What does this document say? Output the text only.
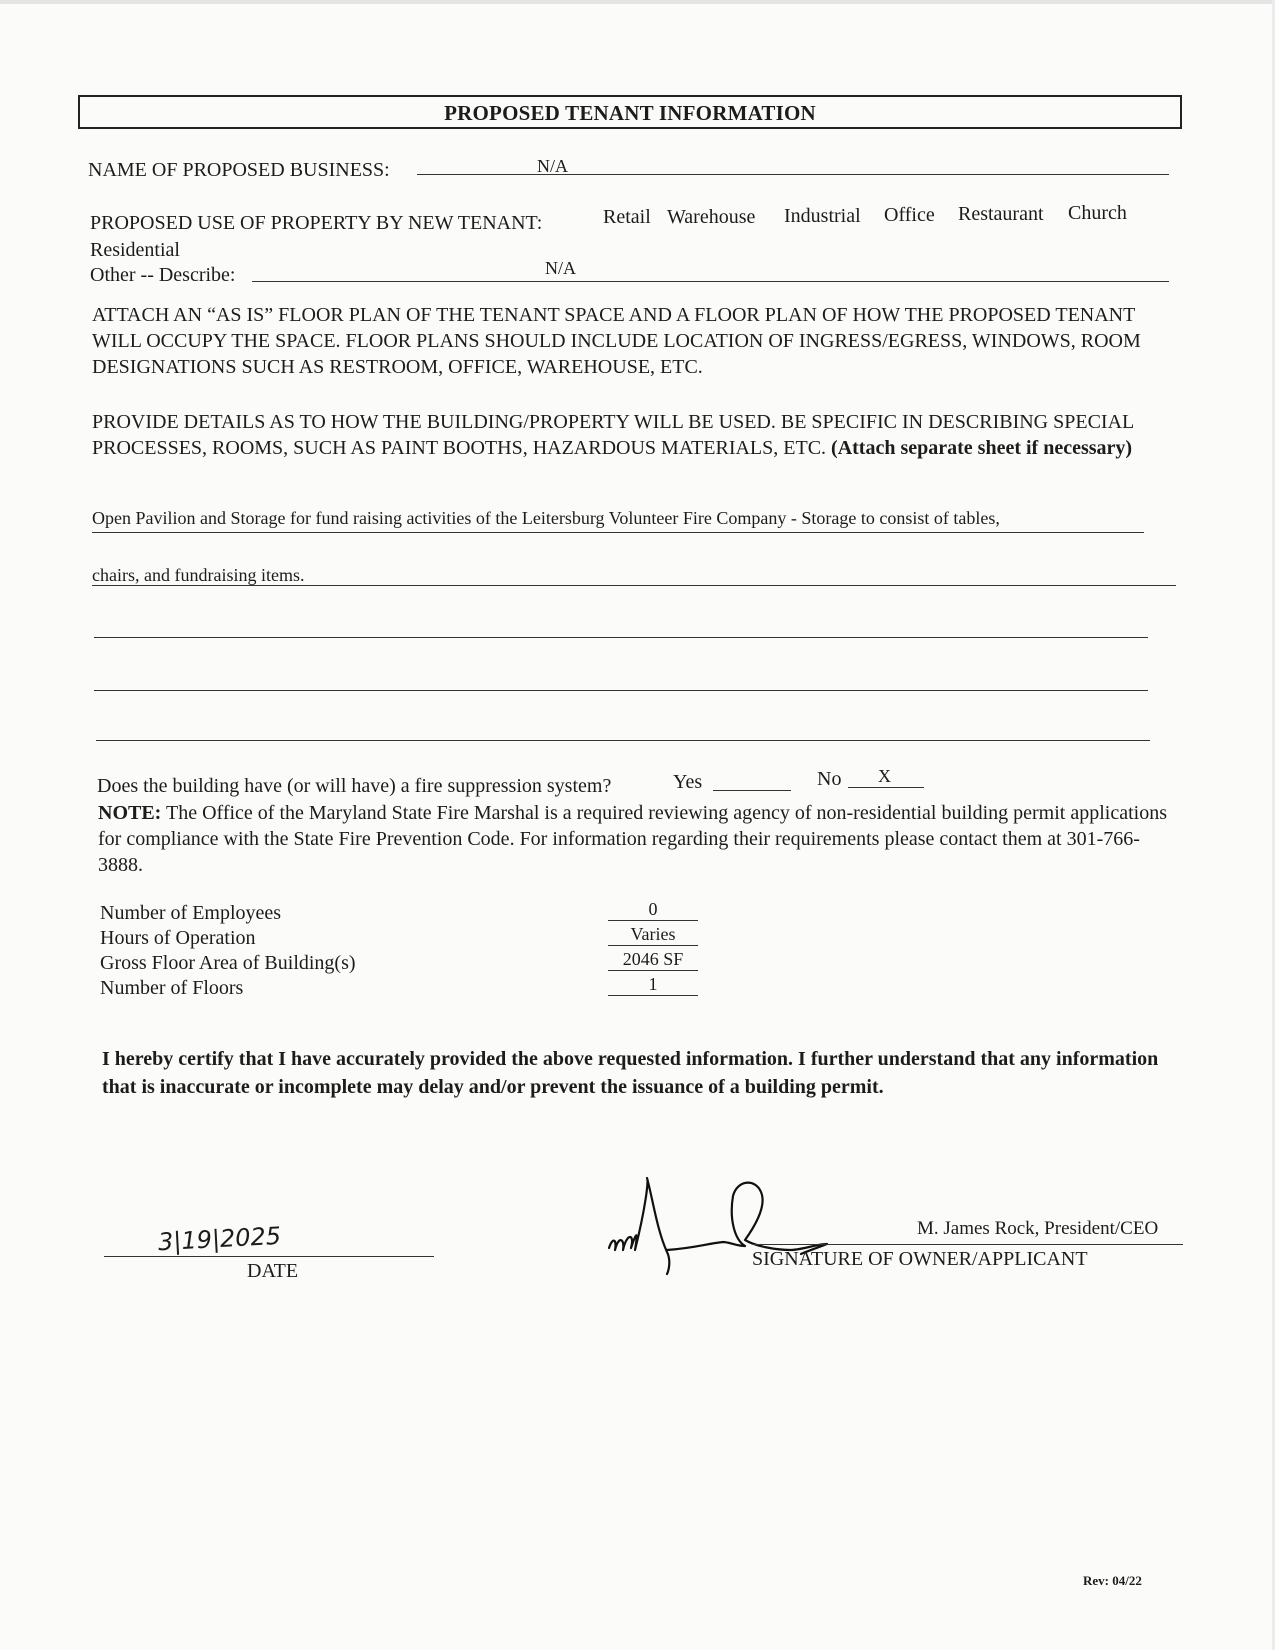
PROPOSED TENANT INFORMATION
NAME OF PROPOSED BUSINESS:	N/A
PROPOSED USE OF PROPERTY BY NEW TENANT:	Retail Warehouse Industrial Office Restaurant Church
Residential
Other -- Describe:	N/A
ATTACH AN “AS IS” FLOOR PLAN OF THE TENANT SPACE AND A FLOOR PLAN OF HOW THE PROPOSED TENANT WILL OCCUPY THE SPACE. FLOOR PLANS SHOULD INCLUDE LOCATION OF INGRESS/EGRESS, WINDOWS, ROOM DESIGNATIONS SUCH AS RESTROOM, OFFICE, WAREHOUSE, ETC.
PROVIDE DETAILS AS TO HOW THE BUILDING/PROPERTY WILL BE USED. BE SPECIFIC IN DESCRIBING SPECIAL PROCESSES, ROOMS, SUCH AS PAINT BOOTHS, HAZARDOUS MATERIALS, ETC. (Attach separate sheet if necessary)
Open Pavilion and Storage for fund raising activities of the Leitersburg Volunteer Fire Company - Storage to consist of tables,
chairs, and fundraising items.
Does the building have (or will have) a fire suppression system?	Yes	No X
NOTE: The Office of the Maryland State Fire Marshal is a required reviewing agency of non-residential building permit applications for compliance with the State Fire Prevention Code. For information regarding their requirements please contact them at 301-766-3888.
Number of Employees	0
Hours of Operation	Varies
Gross Floor Area of Building(s)	2046 SF
Number of Floors	1
I hereby certify that I have accurately provided the above requested information. I further understand that any information that is inaccurate or incomplete may delay and/or prevent the issuance of a building permit.
3|19|2025
DATE
M. James Rock, President/CEO
SIGNATURE OF OWNER/APPLICANT
Rev: 04/22
